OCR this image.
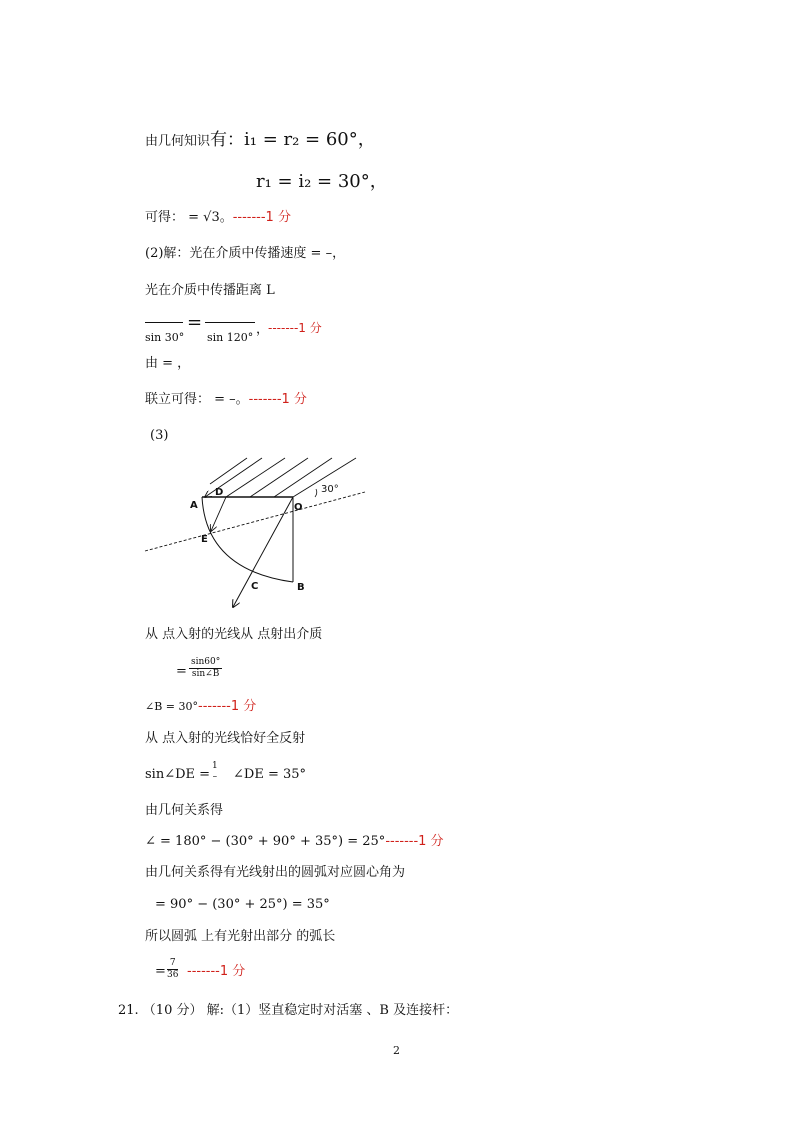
由几何知识有：i₁ = r₂ = 60°，
r₁ = i₂ = 30°，
可得： = √3。-------1 分
(2)解：光在介质中传播速度 = –，
光在介质中传播距离 L
sin 30°
=
sin 120°
，
-------1 分
由 = ，
联立可得： = –。-------1 分
(3)
A
D
O
E
C	B
30°
从 点入射的光线从 点射出介质
= $\frac{\sin 60^\circ}{\sin\angle B}$
∠B = 30°-------1 分
从 点入射的光线恰好全反射
sin∠DE =
1
– ∠DE = 35°
由几何关系得
∠ = 180° − (30° + 90° + 35°) = 25°-------1 分
由几何关系得有光线射出的圆弧对应圆心角为
= 90° − (30° + 25°) = 35°
所以圆弧 上有光射出部分 的弧长
= $\frac{7}{36} -------1$ 分
21. （10 分） 解:（1）竖直稳定时对活塞 、B 及连接杆：
2
